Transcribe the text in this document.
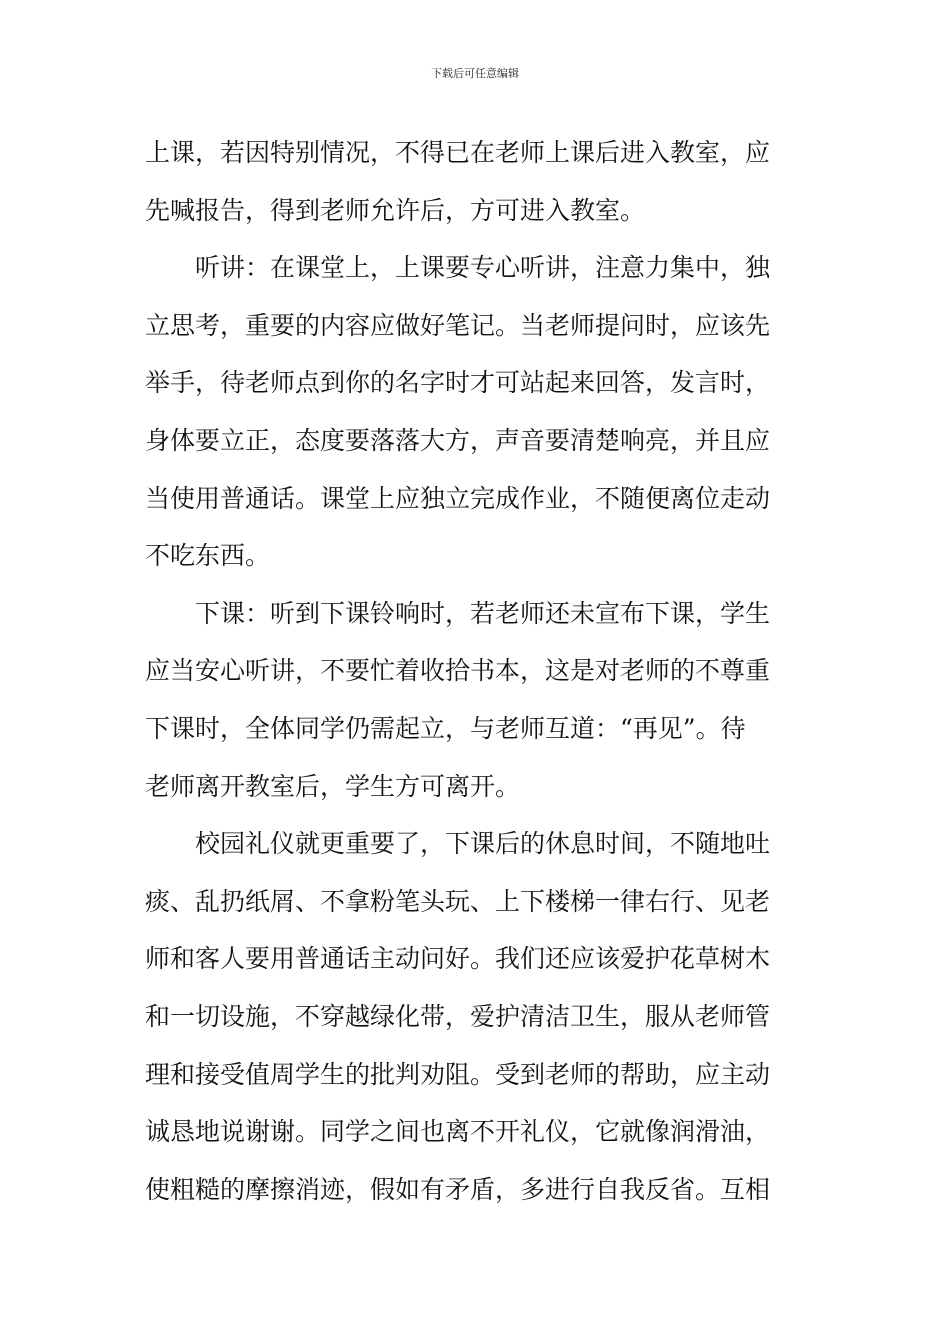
下载后可任意编辑
上课，若因特别情况，不得已在老师上课后进入教室，应
先喊报告，得到老师允许后，方可进入教室。
听讲：在课堂上，上课要专心听讲，注意力集中，独
立思考，重要的内容应做好笔记。当老师提问时，应该先
举手，待老师点到你的名字时才可站起来回答，发言时，
身体要立正，态度要落落大方，声音要清楚响亮，并且应
当使用普通话。课堂上应独立完成作业，不随便离位走动
不吃东西。
下课：听到下课铃响时，若老师还未宣布下课，学生
应当安心听讲，不要忙着收拾书本，这是对老师的不尊重
下课时，全体同学仍需起立，与老师互道：“再见”。待
老师离开教室后，学生方可离开。
校园礼仪就更重要了，下课后的休息时间，不随地吐
痰、乱扔纸屑、不拿粉笔头玩、上下楼梯一律右行、见老
师和客人要用普通话主动问好。我们还应该爱护花草树木
和一切设施，不穿越绿化带，爱护清洁卫生，服从老师管
理和接受值周学生的批判劝阻。受到老师的帮助，应主动
诚恳地说谢谢。同学之间也离不开礼仪，它就像润滑油，
使粗糙的摩擦消迹，假如有矛盾，多进行自我反省。互相
